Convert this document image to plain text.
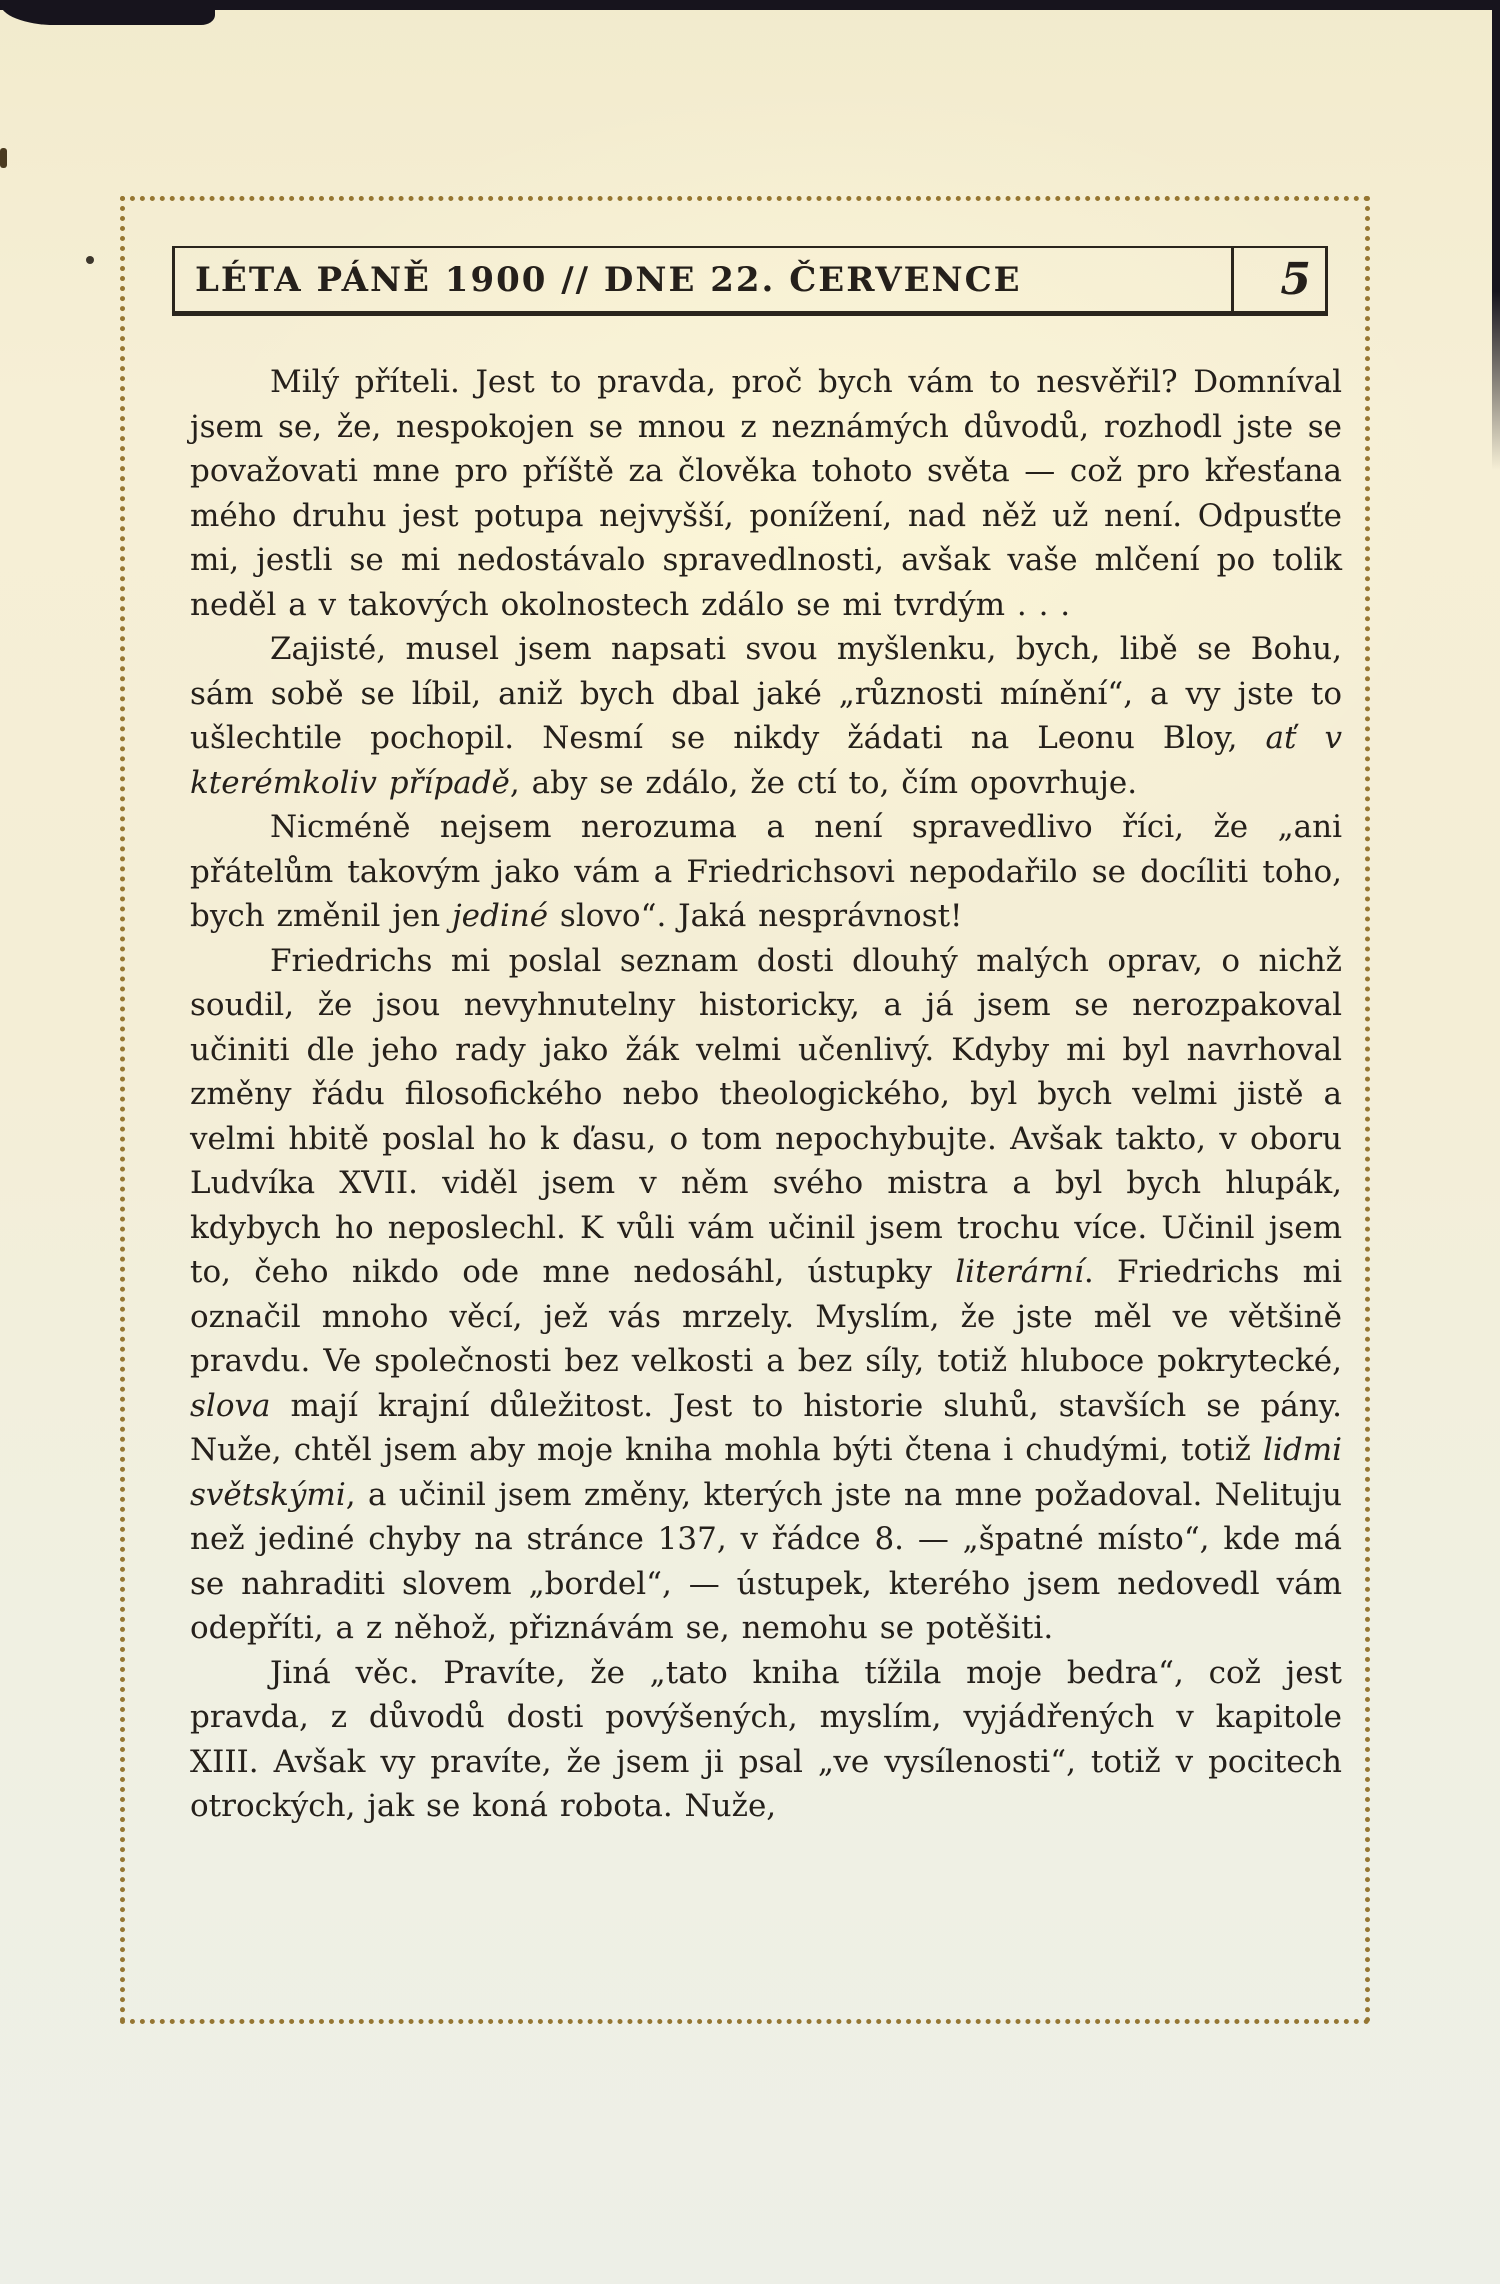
LÉTA PÁNĚ 1900 // DNE 22. ČERVENCE	5

Milý příteli. Jest to pravda, proč bych vám to nesvěřil? Domníval jsem se, že, nespokojen se mnou z neznámých důvodů, rozhodl jste se považovati mne pro příště za člověka tohoto světa — což pro křesťana mého druhu jest potupa nejvyšší, ponížení, nad něž už není. Odpusťte mi, jestli se mi nedostávalo spravedlnosti, avšak vaše mlčení po tolik neděl a v takových okolnostech zdálo se mi tvrdým . . .

Zajisté, musel jsem napsati svou myšlenku, bych, libě se Bohu, sám sobě se líbil, aniž bych dbal jaké „různosti mínění“, a vy jste to ušlechtile pochopil. Nesmí se nikdy žádati na Leonu Bloy, ať v kterémkoliv případě, aby se zdálo, že ctí to, čím opovrhuje.

Nicméně nejsem nerozuma a není spravedlivo říci, že „ani přátelům takovým jako vám a Friedrichsovi nepodařilo se docíliti toho, bych změnil jen jediné slovo“. Jaká nesprávnost!

Friedrichs mi poslal seznam dosti dlouhý malých oprav, o nichž soudil, že jsou nevyhnutelny historicky, a já jsem se nerozpakoval učiniti dle jeho rady jako žák velmi učenlivý. Kdyby mi byl navrhoval změny řádu filosofického nebo theologického, byl bych velmi jistě a velmi hbitě poslal ho k ďasu, o tom nepochybujte. Avšak takto, v oboru Ludvíka XVII. viděl jsem v něm svého mistra a byl bych hlupák, kdybych ho neposlechl. K vůli vám učinil jsem trochu více. Učinil jsem to, čeho nikdo ode mne nedosáhl, ústupky literární. Friedrichs mi označil mnoho věcí, jež vás mrzely. Myslím, že jste měl ve většině pravdu. Ve společnosti bez velkosti a bez síly, totiž hluboce pokrytecké, slova mají krajní důležitost. Jest to historie sluhů, stavších se pány. Nuže, chtěl jsem aby moje kniha mohla býti čtena i chudými, totiž lidmi světskými, a učinil jsem změny, kterých jste na mne požadoval. Nelituju než jediné chyby na stránce 137, v řádce 8. — „špatné místo“, kde má se nahraditi slovem „bordel“, — ústupek, kterého jsem nedovedl vám odepříti, a z něhož, přiznávám se, nemohu se potěšiti.

Jiná věc. Pravíte, že „tato kniha tížila moje bedra“, což jest pravda, z důvodů dosti povýšených, myslím, vyjádřených v kapitole XIII. Avšak vy pravíte, že jsem ji psal „ve vysílenosti“, totiž v pocitech otrockých, jak se koná robota. Nuže,
